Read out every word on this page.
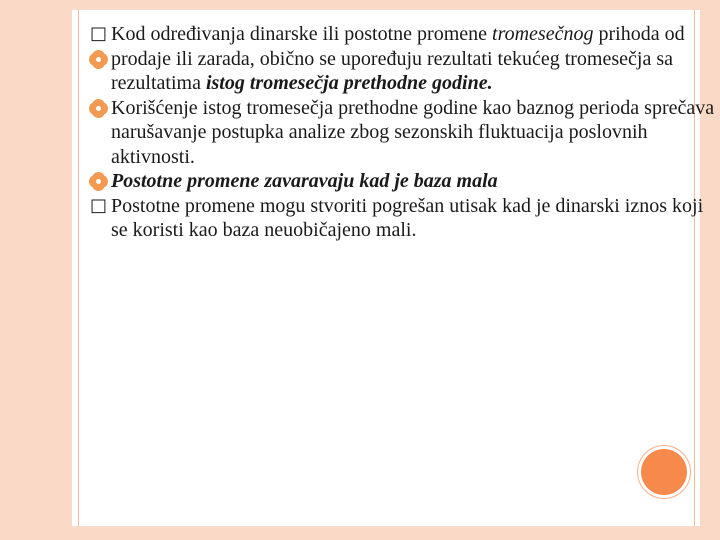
□ Kod određivanja dinarske ili postotne promene tromesečnog prihoda od
prodaje ili zarada, obično se upoređuju rezultati tekućeg tromesečja sa rezultatima istog tromesečja prethodne godine.
Korišćenje istog tromesečja prethodne godine kao baznog perioda sprečava narušavanje postupka analize zbog sezonskih fluktuacija poslovnih aktivnosti.
Postotne promene zavaravaju kad je baza mala
□ Postotne promene mogu stvoriti pogrešan utisak kad je dinarski iznos koji se koristi kao baza neuobičajeno mali.
